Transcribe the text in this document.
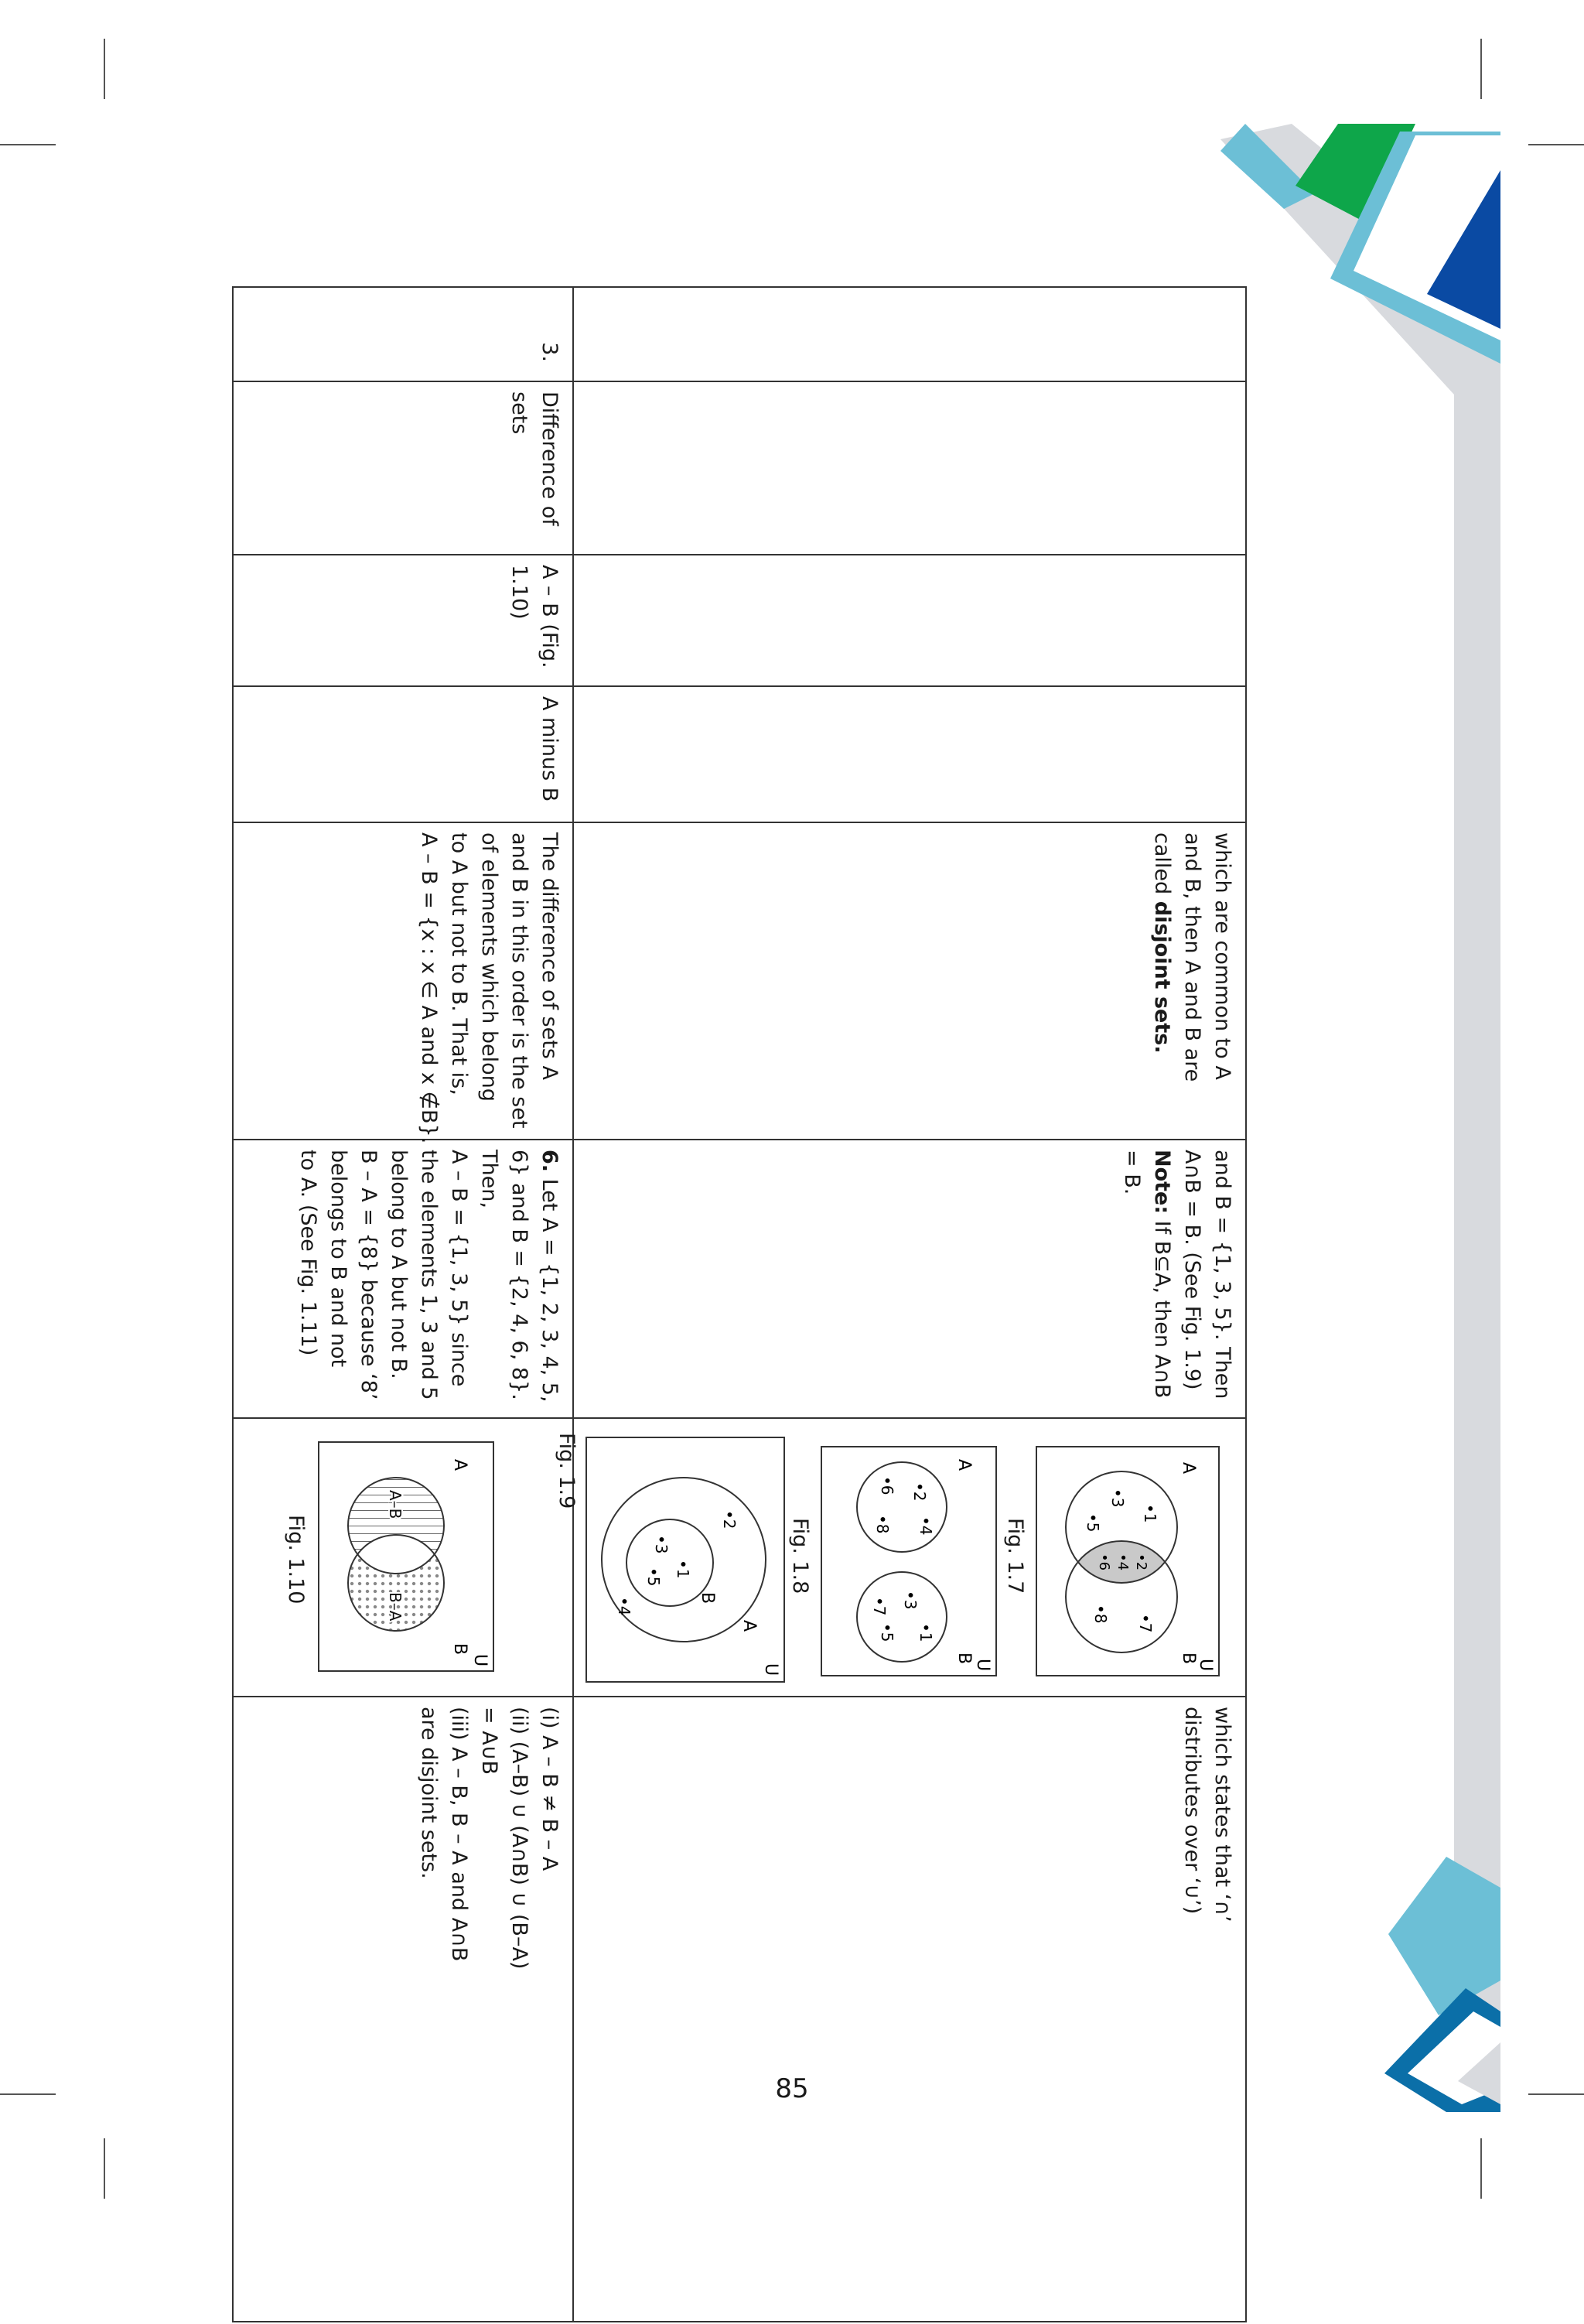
which are common to A
and B, then A and B are
called disjoint sets.
and B = {1, 3, 5}. Then
A∩B = B. (See Fig. 1.9)
Note: If B⊆A, then A∩B
= B.
U
A
B
•1
•3
•5
•2
•4
•6
•7
•8
Fig. 1.7
U
A
B
•2
•4
•6
•8
•1
•3
•5
•7
Fig. 1.8
U
A
B
•2
•4
•1
•3
•5
Fig. 1.9
which states that ‘∩’
distributes over ‘∪’)
3.
Difference of
sets
A – B (Fig.
1.10)
A minus B
The difference of sets A
and B in this order is the set
of elements which belong
to A but not to B. That is,
A – B = {x : x ∈ A and x ∉B}.
6. Let A = {1, 2, 3, 4, 5,
6} and B = {2, 4, 6, 8}.
Then,
A – B = {1, 3, 5} since
the elements 1, 3 and 5
belong to A but not B.
B – A = {8} because ‘8’
belongs to B and not
to A. (See Fig. 1.11)
U
A
B
A–B
B–A
Fig. 1.10
(i) A – B ≠ B – A
(ii) (A–B) ∪ (A∩B) ∪ (B–A)
= A∪B
(iii) A – B, B – A and A∩B
are disjoint sets.
85
